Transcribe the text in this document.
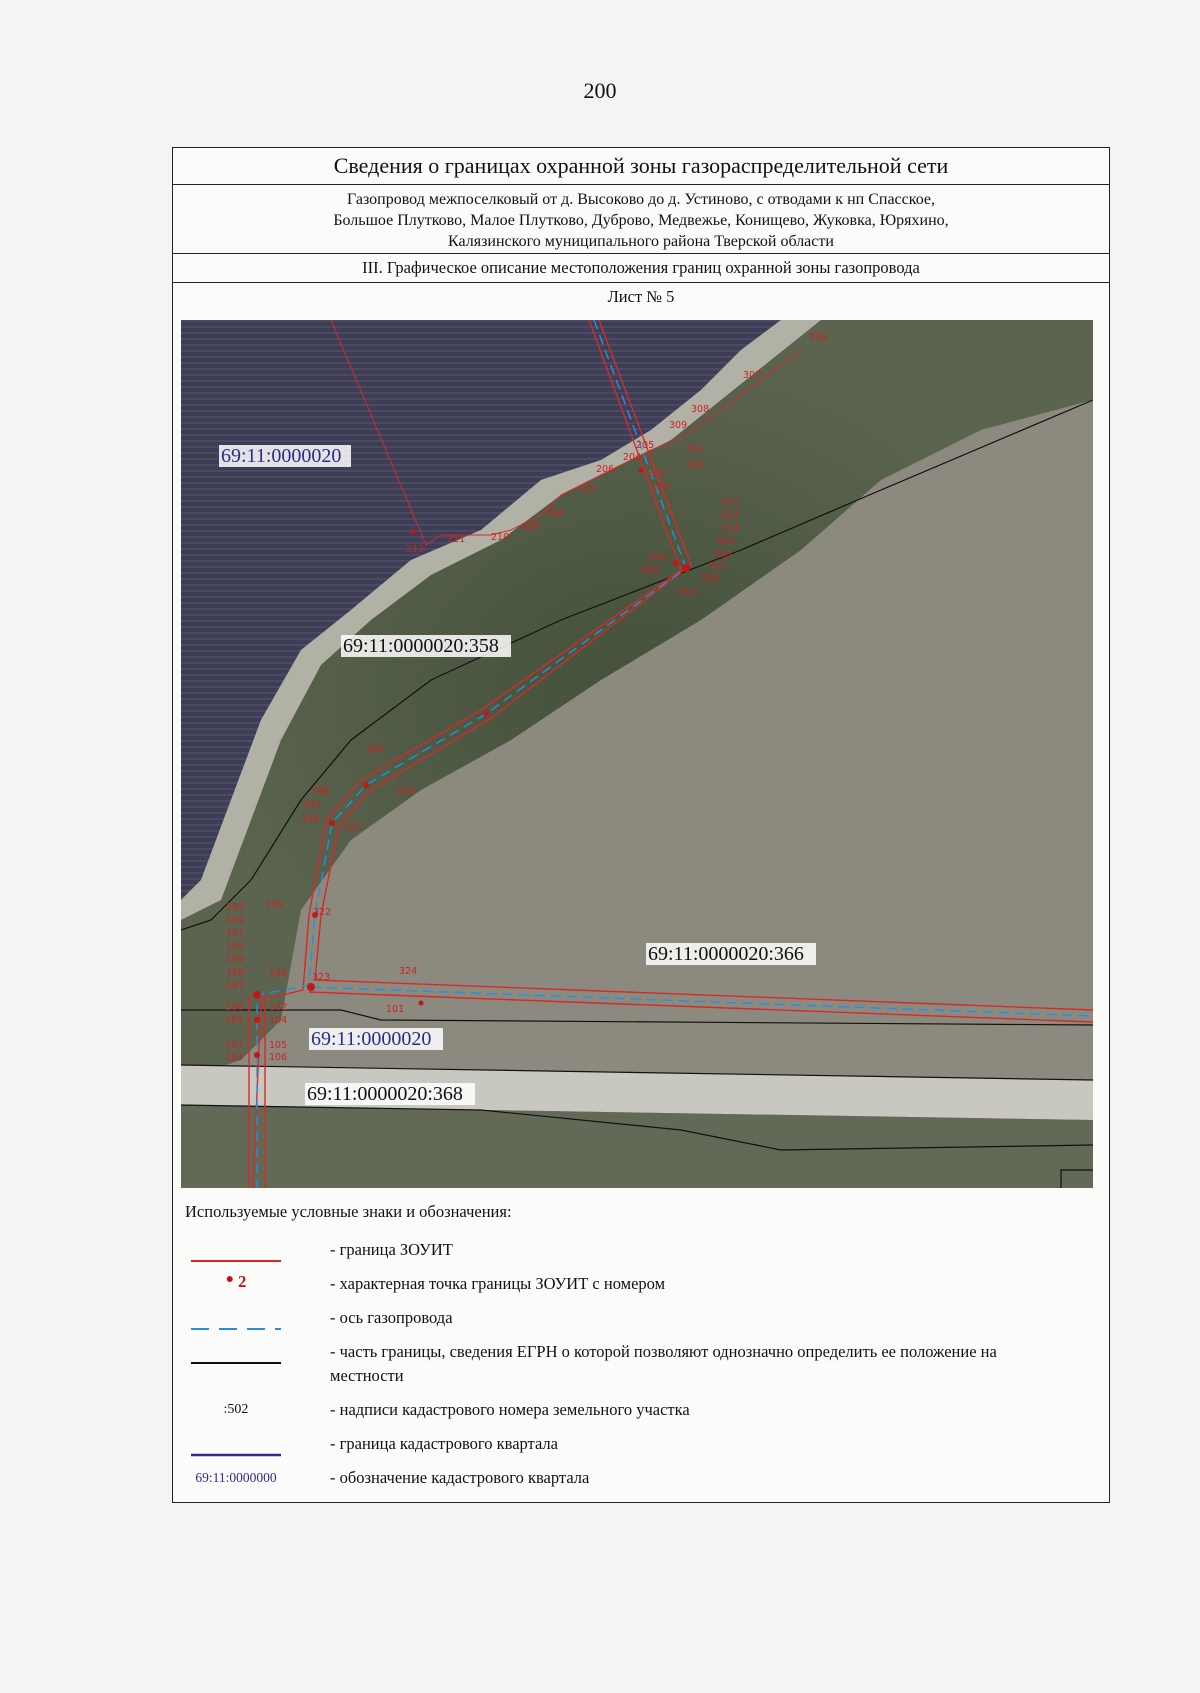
200
Сведения о границах охранной зоны газораспределительной сети
Газопровод межпоселковый от д. Высоково до д. Устиново, с отводами к нп Спасское,
Большое Плутково, Малое Плутково, Дуброво, Медвежье, Конищево, Жуковка, Юряхино,
Калязинского муниципального района Тверской области
III. Графическое описание местоположения границ охранной зоны газопровода
Лист № 5
306
307
308
309
204
205	311
310
206	203
202
207
208
209
210
211
212
312
313
314
315
316
317
318
201
200
319
199
320
198
197
196
321
193
192
191
190
189
188
187
195
322
194	323
324
186
185
184
183
182
104
105
106
101
69:11:0000020
69:11:0000020:358
69:11:0000020:366
69:11:0000020
69:11:0000020:368
Используемые условные знаки и обозначения:
- граница ЗОУИТ
● 2	- характерная точка границы ЗОУИТ с номером
- ось газопровода
- часть границы, сведения ЕГРН о которой позволяют однозначно определить ее положение на местности
:502	- надписи кадастрового номера земельного участка
- граница кадастрового квартала
69:11:0000000	- обозначение кадастрового квартала
